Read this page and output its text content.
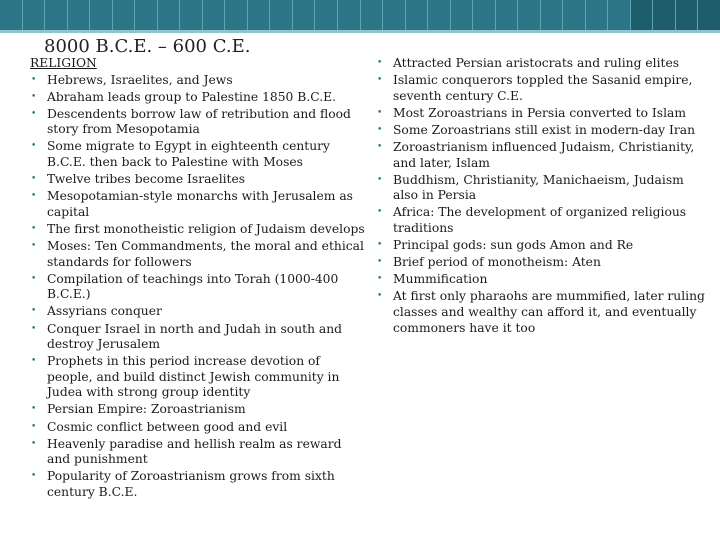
8000 B.C.E. – 600 C.E.
RELIGION
• Hebrews, Israelites, and Jews
• Abraham leads group to Palestine 1850 B.C.E.
• Descendents borrow law of retribution and flood story from Mesopotamia
• Some migrate to Egypt in eighteenth century B.C.E. then back to Palestine with Moses
• Twelve tribes become Israelites
• Mesopotamian-style monarchs with Jerusalem as capital
• The first monotheistic religion of Judaism develops
• Moses: Ten Commandments, the moral and ethical standards for followers
• Compilation of teachings into Torah (1000-400 B.C.E.)
• Assyrians conquer
• Conquer Israel in north and Judah in south and destroy Jerusalem
• Prophets in this period increase devotion of people, and build distinct Jewish community in Judea with strong group identity
• Persian Empire: Zoroastrianism
• Cosmic conflict between good and evil
• Heavenly paradise and hellish realm as reward and punishment
• Popularity of Zoroastrianism grows from sixth century B.C.E.
• Attracted Persian aristocrats and ruling elites
• Islamic conquerors toppled the Sasanid empire, seventh century C.E.
• Most Zoroastrians in Persia converted to Islam
• Some Zoroastrians still exist in modern-day Iran
• Zoroastrianism influenced Judaism, Christianity, and later, Islam
• Buddhism, Christianity, Manichaeism, Judaism also in Persia
• Africa: The development of organized religious traditions
• Principal gods: sun gods Amon and Re
• Brief period of monotheism: Aten
• Mummification
• At first only pharaohs are mummified, later ruling classes and wealthy can afford it, and eventually commoners have it too
